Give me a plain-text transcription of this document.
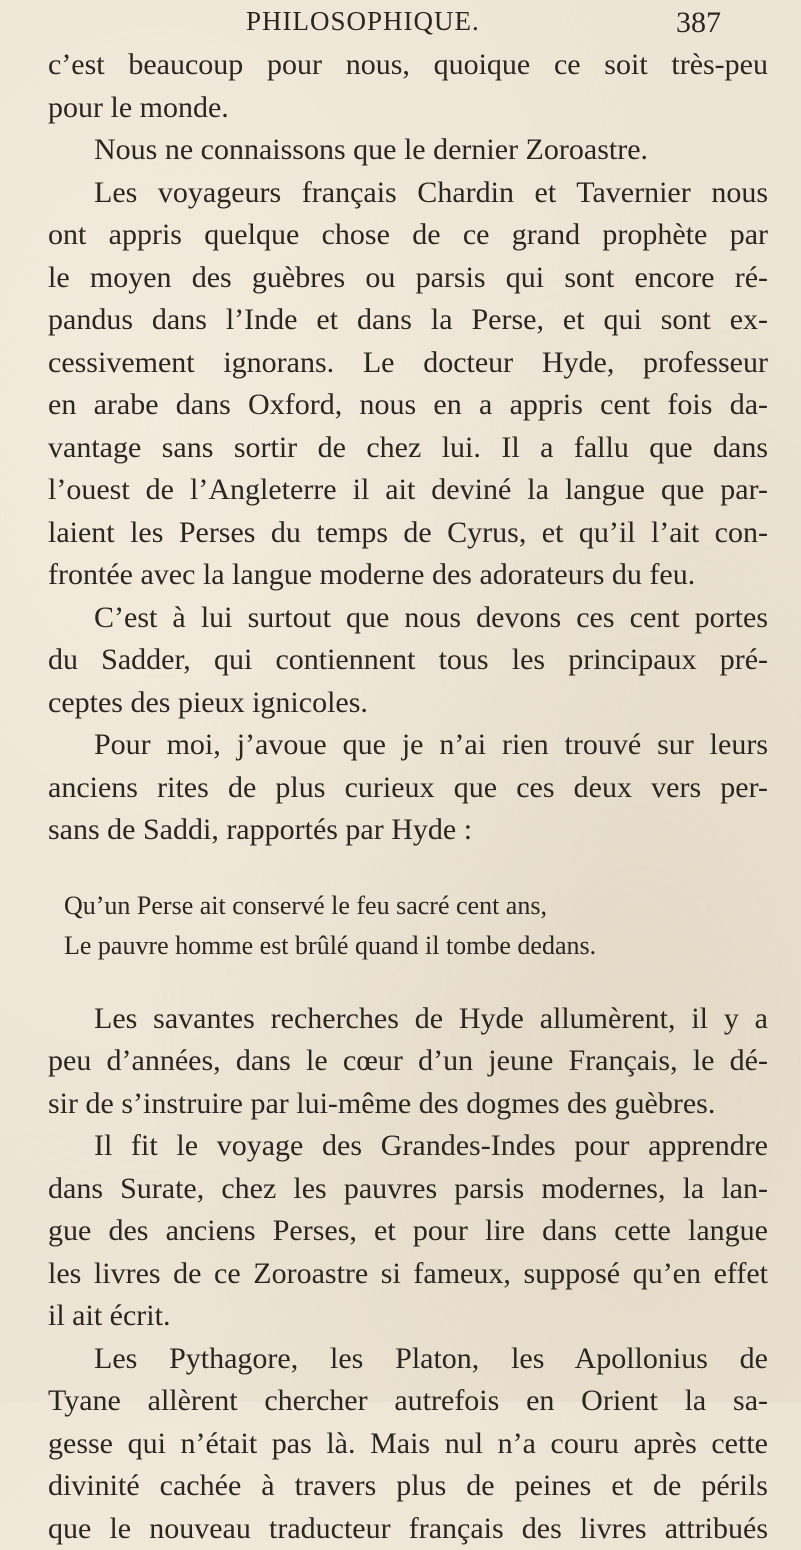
PHILOSOPHIQUE.	387
c’est beaucoup pour nous, quoique ce soit très-peu
pour le monde.
Nous ne connaissons que le dernier Zoroastre.
Les voyageurs français Chardin et Tavernier nous
ont appris quelque chose de ce grand prophète par
le moyen des guèbres ou parsis qui sont encore ré-
pandus dans l’Inde et dans la Perse, et qui sont ex-
cessivement ignorans. Le docteur Hyde, professeur
en arabe dans Oxford, nous en a appris cent fois da-
vantage sans sortir de chez lui. Il a fallu que dans
l’ouest de l’Angleterre il ait deviné la langue que par-
laient les Perses du temps de Cyrus, et qu’il l’ait con-
frontée avec la langue moderne des adorateurs du feu.
C’est à lui surtout que nous devons ces cent portes
du Sadder, qui contiennent tous les principaux pré-
ceptes des pieux ignicoles.
Pour moi, j’avoue que je n’ai rien trouvé sur leurs
anciens rites de plus curieux que ces deux vers per-
sans de Saddi, rapportés par Hyde :
Qu’un Perse ait conservé le feu sacré cent ans,
Le pauvre homme est brûlé quand il tombe dedans.
Les savantes recherches de Hyde allumèrent, il y a
peu d’années, dans le cœur d’un jeune Français, le dé-
sir de s’instruire par lui-même des dogmes des guèbres.
Il fit le voyage des Grandes-Indes pour apprendre
dans Surate, chez les pauvres parsis modernes, la lan-
gue des anciens Perses, et pour lire dans cette langue
les livres de ce Zoroastre si fameux, supposé qu’en effet
il ait écrit.
Les Pythagore, les Platon, les Apollonius de
Tyane allèrent chercher autrefois en Orient la sa-
gesse qui n’était pas là. Mais nul n’a couru après cette
divinité cachée à travers plus de peines et de périls
que le nouveau traducteur français des livres attribués
